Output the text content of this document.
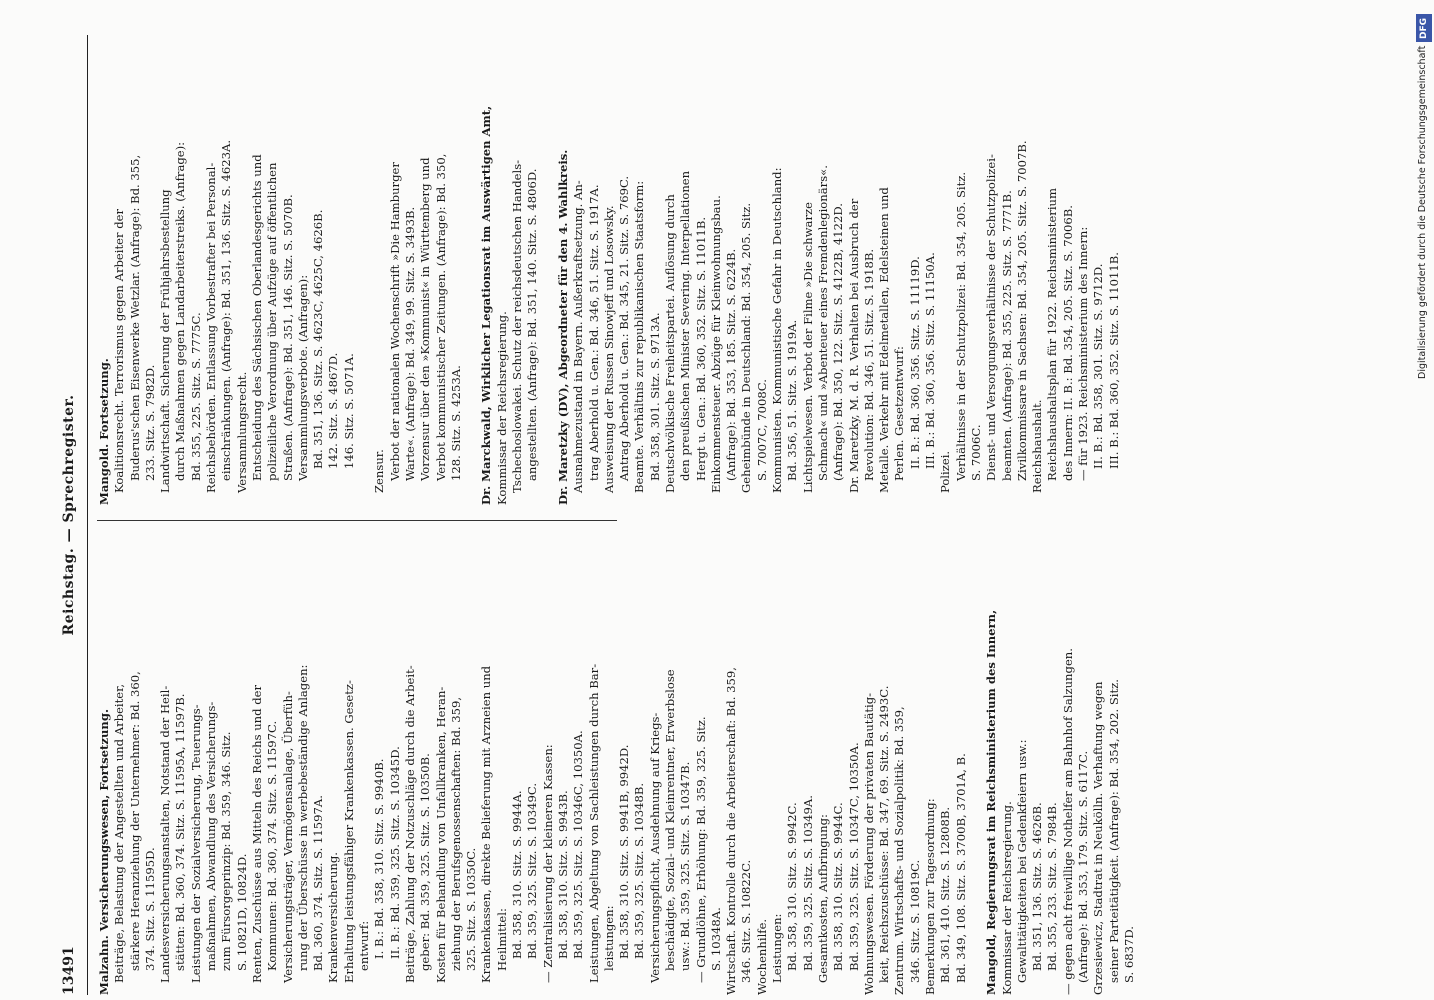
13491
Reichstag. — Sprechregister.
Malzahn. Versicherungswesen, Fortsetzung. Beiträge, Belastung der Angestellten und Arbeiter, stärkere Heranziehung der Unternehmer: Bd. 360, 374. Sitz. S. 11595D. Landesversicherungsanstalten, Notstand der Heil- stätten: Bd. 360, 374. Sitz. S. 11595A, 11597B. Leistungen der Sozialversicherung, Teuerungs- maßnahmen, Abwandlung des Versicherungs- zum Fürsorgeprinzip: Bd. 359, 346. Sitz. S. 10821D, 10824D. Renten, Zuschüsse aus Mitteln des Reichs und der Kommunen: Bd. 360, 374. Sitz. S. 11597C. Versicherungsträger, Vermögensanlage, Überfüh- rung der Überschüsse in werbebeständige Anlagen: Bd. 360, 374. Sitz. S. 11597A. Krankenversicherung. Erhaltung leistungsfähiger Krankenkassen. Gesetz- entwurf: I. B.: Bd. 358, 310. Sitz. S. 9940B. II. B.: Bd. 359, 325. Sitz. S. 10345D. Beiträge, Zahlung der Notzuschläge durch die Arbeit- geber: Bd. 359, 325. Sitz. S. 10350B. Kosten für Behandlung von Unfallkranken, Heran- ziehung der Berufsgenossenschaften: Bd. 359, 325. Sitz. S. 10350C. Krankenkassen, direkte Belieferung mit Arzneien und Heilmittel: Bd. 358, 310. Sitz. S. 9944A. Bd. 359, 325. Sitz. S. 10349C. — Zentralisierung der kleineren Kassen: Bd. 358, 310. Sitz. S. 9943B. Bd. 359, 325. Sitz. S. 10346C, 10350A. Leistungen, Abgeltung von Sachleistungen durch Bar- leistungen: Bd. 358, 310. Sitz. S. 9941B, 9942D. Bd. 359, 325. Sitz. S. 10348B. Versicherungspflicht, Ausdehnung auf Kriegs- beschädigte, Sozial- und Kleinrentner, Erwerbslose usw.: Bd. 359, 325. Sitz. S. 10347B. — Grundlöhne, Erhöhung: Bd. 359, 325. Sitz. S. 10348A. Wirtschaft. Kontrolle durch die Arbeiterschaft: Bd. 359, 346. Sitz. S. 10822C. Wochenhilfe. Leistungen: Bd. 358, 310. Sitz. S. 9942C. Bd. 359, 325. Sitz. S. 10349A. Gesamtkosten, Aufbringung: Bd. 358, 310. Sitz. S. 9944C. Bd. 359, 325. Sitz. S. 10347C, 10350A. Wohnungswesen. Förderung der privaten Bautätig- keit, Reichszuschüsse: Bd. 347, 69. Sitz. S. 2493C. Zentrum. Wirtschafts- und Sozialpolitik: Bd. 359, 346. Sitz. S. 10819C. Bemerkungen zur Tagesordnung: Bd. 361, 410. Sitz. S. 12808B. Bd. 349, 108. Sitz. S. 3700B, 3701A, B.
Mangold, Regierungsrat im Reichsministerium des Innern, Kommissar der Reichsregierung. Gewalttätigkeiten bei Gedenkfeiern usw.: Bd. 351, 136. Sitz. S. 4626B. Bd. 355, 233. Sitz. S. 7984B. — gegen acht freiwillige Nothelfer am Bahnhof Salzungen. (Anfrage): Bd. 353, 179. Sitz. S. 6117C. Grzesiewicz, Stadtrat in Neukölln. Verhaftung wegen seiner Parteitätigkeit. (Anfrage): Bd. 354, 202. Sitz. S. 6837D.
Mangold. Fortsetzung. Koalitionsrecht. Terrorismus gegen Arbeiter der Buderus'schen Eisenwerke Wetzlar. (Anfrage): Bd. 355, 233. Sitz. S. 7982D. Landwirtschaft. Sicherung der Frühjahrsbestellung durch Maßnahmen gegen Landarbeiterstreiks. (Anfrage): Bd. 355, 225. Sitz. S. 7775C. Reichsbehörden. Entlassung Vorbestrafter bei Personal- einschränkungen. (Anfrage): Bd. 351, 136. Sitz. S. 4623A. Versammlungsrecht. Entscheidung des Sächsischen Oberlandesgerichts und polizeiliche Verordnung über Aufzüge auf öffentlichen Straßen. (Anfrage): Bd. 351, 146. Sitz. S. 5070B. Versammlungsverbote. (Anfragen): Bd. 351, 136. Sitz. S. 4623C, 4625C, 4626B. 142. Sitz. S. 4867D. 146. Sitz. S. 5071A.

Zensur. Verbot der nationalen Wochenschrift »Die Hamburger Warte«. (Anfrage): Bd. 349, 99. Sitz. S. 3493B. Vorzensur über den »Kommunist« in Württemberg und Verbot kommunistischer Zeitungen. (Anfrage): Bd. 350, 128. Sitz. S. 4253A.
Dr. Marckwald, Wirklicher Legationsrat im Auswärtigen Amt, Kommissar der Reichsregierung. Tschechoslowakei. Schutz der reichsdeutschen Handels- angestellten. (Anfrage): Bd. 351, 140. Sitz. S. 4806D.
Dr. Maretzky (DV), Abgeordneter für den 4. Wahlkreis. Ausnahmezustand in Bayern. Außerkraftsetzung. An- trag Aberhold u. Gen.: Bd. 346, 51. Sitz. S. 1917A. Ausweisung der Russen Sinowjeff und Losowsky. Antrag Aberhold u. Gen.: Bd. 345, 21. Sitz. S. 769C. Beamte. Verhältnis zur republikanischen Staatsform: Bd. 358, 301. Sitz. S. 9713A. Deutschvölkische Freiheitspartei. Auflösung durch den preußischen Minister Severing. Interpellationen Hergt u. Gen.: Bd. 360, 352. Sitz. S. 11011B. Einkommensteuer. Abzüge für Kleinwohnungsbau. (Anfrage): Bd. 353, 185. Sitz. S. 6224B. Geheimbünde in Deutschland: Bd. 354, 205. Sitz. S. 7007C, 7008C. Kommunisten. Kommunistische Gefahr in Deutschland: Bd. 356, 51. Sitz. S. 1919A. Lichtspielwesen. Verbot der Filme »Die schwarze Schmach« und »Abenteuer eines Fremdenlegionärs«. (Anfrage): Bd. 350, 122. Sitz. S. 4122B, 4122D. Dr. Maretzky, M. d. R. Verhalten bei Ausbruch der Revolution: Bd. 346, 51. Sitz. S. 1918B. Metalle. Verkehr mit Edelmetallen, Edelsteinen und Perlen. Gesetzentwurf: II. B.: Bd. 360, 356. Sitz. S. 11119D. III. B.: Bd. 360, 356. Sitz. S. 11150A.
Polizei. Verhältnisse in der Schutzpolizei: Bd. 354, 205. Sitz. S. 7006C. Dienst- und Versorgungsverhältnisse der Schutzpolizei- beamten. (Anfrage): Bd. 355, 225. Sitz. S. 7771B. Zivilkommissare in Sachsen: Bd. 354, 205. Sitz. S. 7007B. Reichshaushalt. Reichshaushaltsplan für 1922. Reichsministerium des Innern: II. B.: Bd. 354, 205. Sitz. S. 7006B. — für 1923. Reichsministerium des Innern: II. B.: Bd. 358, 301. Sitz. S. 9712D. III. B.: Bd. 360, 352. Sitz. S. 11011B.
DFG
Digitalisierung gefördert durch die Deutsche Forschungsgemeinschaft
